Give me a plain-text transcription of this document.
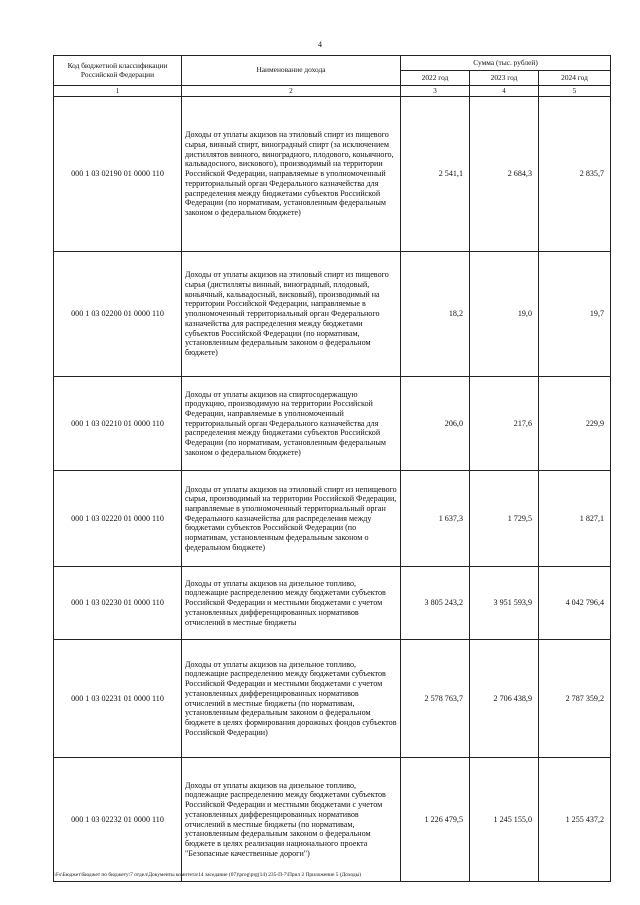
4
Код бюджетной классификации Российской Федерации	Наименование дохода	Сумма (тыс. рублей)		
		2022 год	2023 год	2024 год
1	2	3	4	5
000 1 03 02190 01 0000 110	Доходы от уплаты акцизов на этиловый спирт из пищевого сырья, винный спирт, виноградный спирт (за исключением дистиллятов винного, виноградного, плодового, коньячного, кальвадосного, вискового), производимый на территории Российской Федерации, направляемые в уполномоченный территориальный орган Федерального казначейства для распределения между бюджетами субъектов Российской Федерации (по нормативам, установленным федеральным законом о федеральном бюджете)	2 541,1	2 684,3	2 835,7
000 1 03 02200 01 0000 110	Доходы от уплаты акцизов на этиловый спирт из пищевого сырья (дистилляты винный, виноградный, плодовый, коньячный, кальвадосный, висковый), производимый на территории Российской Федерации, направляемые в уполномоченный территориальный орган Федерального казначейства для распределения между бюджетами субъектов Российской Федерации (по нормативам, установленным федеральным законом о федеральном бюджете)	18,2	19,0	19,7
000 1 03 02210 01 0000 110	Доходы от уплаты акцизов на спиртосодержащую продукцию, производимую на территории Российской Федерации, направляемые в уполномоченный территориальный орган Федерального казначейства для распределения между бюджетами субъектов Российской Федерации (по нормативам, установленным федеральным законом о федеральном бюджете)	206,0	217,6	229,9
000 1 03 02220 01 0000 110	Доходы от уплаты акцизов на этиловый спирт из непищевого сырья, производимый на территории Российской Федерации, направляемые в уполномоченный территориальный орган Федерального казначейства для распределения между бюджетами субъектов Российской Федерации (по нормативам, установленным федеральным законом о федеральном бюджете)	1 637,3	1 729,5	1 827,1
000 1 03 02230 01 0000 110	Доходы от уплаты акцизов на дизельное топливо, подлежащие распределению между бюджетами субъектов Российской Федерации и местными бюджетами с учетом установленных дифференцированных нормативов отчислений в местные бюджеты	3 805 243,2	3 951 593,9	4 042 796,4
000 1 03 02231 01 0000 110	Доходы от уплаты акцизов на дизельное топливо, подлежащие распределению между бюджетами субъектов Российской Федерации и местными бюджетами с учетом установленных дифференцированных нормативов отчислений в местные бюджеты (по нормативам, установленным федеральным законом о федеральном бюджете в целях формирования дорожных фондов субъектов Российской Федерации)	2 578 763,7	2 706 438,9	2 787 359,2
000 1 03 02232 01 0000 110	Доходы от уплаты акцизов на дизельное топливо, подлежащие распределению между бюджетами субъектов Российской Федерации и местными бюджетами с учетом установленных дифференцированных нормативов отчислений в местные бюджеты (по нормативам, установленным федеральным законом о федеральном бюджете в целях реализации национального проекта "Безопасные качественные дороги")	1 226 479,5	1 245 155,0	1 255 437,2
\\Fs\Бюджет\Бюджет по бюджету\7 отдел\Документы комитета\14 заседание (07)\prog\prg(14) 235-П-7\Прил 2 Приложение 5 (Доходы)
